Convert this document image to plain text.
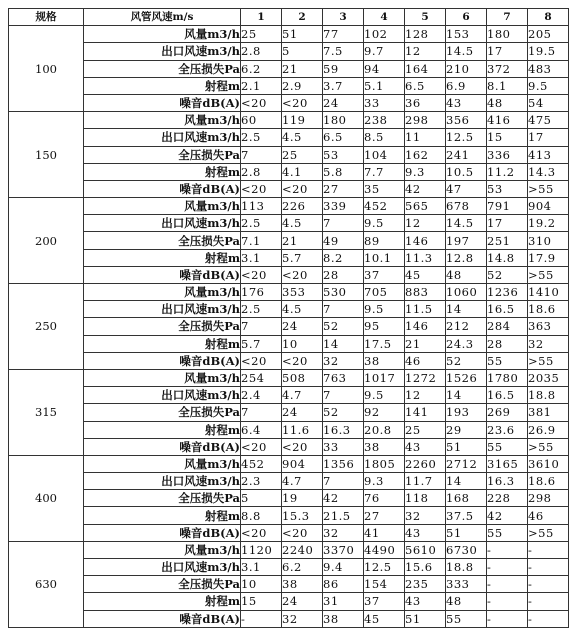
规格	风管风速m/s	1	2	3	4	5	6	7	8
100	风量m3/h	25	51	77	102	128	153	180	205
	出口风速m3/h	2.8	5	7.5	9.7	12	14.5	17	19.5
	全压损失Pa	6.2	21	59	94	164	210	372	483
	射程m	2.1	2.9	3.7	5.1	6.5	6.9	8.1	9.5
	噪音dB(A)	<20	<20	24	33	36	43	48	54
150	风量m3/h	60	119	180	238	298	356	416	475
	出口风速m3/h	2.5	4.5	6.5	8.5	11	12.5	15	17
	全压损失Pa	7	25	53	104	162	241	336	413
	射程m	2.8	4.1	5.8	7.7	9.3	10.5	11.2	14.3
	噪音dB(A)	<20	<20	27	35	42	47	53	>55
200	风量m3/h	113	226	339	452	565	678	791	904
	出口风速m3/h	2.5	4.5	7	9.5	12	14.5	17	19.2
	全压损失Pa	7.1	21	49	89	146	197	251	310
	射程m	3.1	5.7	8.2	10.1	11.3	12.8	14.8	17.9
	噪音dB(A)	<20	<20	28	37	45	48	52	>55
250	风量m3/h	176	353	530	705	883	1060	1236	1410
	出口风速m3/h	2.5	4.5	7	9.5	11.5	14	16.5	18.6
	全压损失Pa	7	24	52	95	146	212	284	363
	射程m	5.7	10	14	17.5	21	24.3	28	32
	噪音dB(A)	<20	<20	32	38	46	52	55	>55
315	风量m3/h	254	508	763	1017	1272	1526	1780	2035
	出口风速m3/h	2.4	4.7	7	9.5	12	14	16.5	18.8
	全压损失Pa	7	24	52	92	141	193	269	381
	射程m	6.4	11.6	16.3	20.8	25	29	23.6	26.9
	噪音dB(A)	<20	<20	33	38	43	51	55	>55
400	风量m3/h	452	904	1356	1805	2260	2712	3165	3610
	出口风速m3/h	2.3	4.7	7	9.3	11.7	14	16.3	18.6
	全压损失Pa	5	19	42	76	118	168	228	298
	射程m	8.8	15.3	21.5	27	32	37.5	42	46
	噪音dB(A)	<20	<20	32	41	43	51	55	>55
630	风量m3/h	1120	2240	3370	4490	5610	6730	-	-
	出口风速m3/h	3.1	6.2	9.4	12.5	15.6	18.8	-	-
	全压损失Pa	10	38	86	154	235	333	-	-
	射程m	15	24	31	37	43	48	-	-
	噪音dB(A)	-	32	38	45	51	55	-	-
